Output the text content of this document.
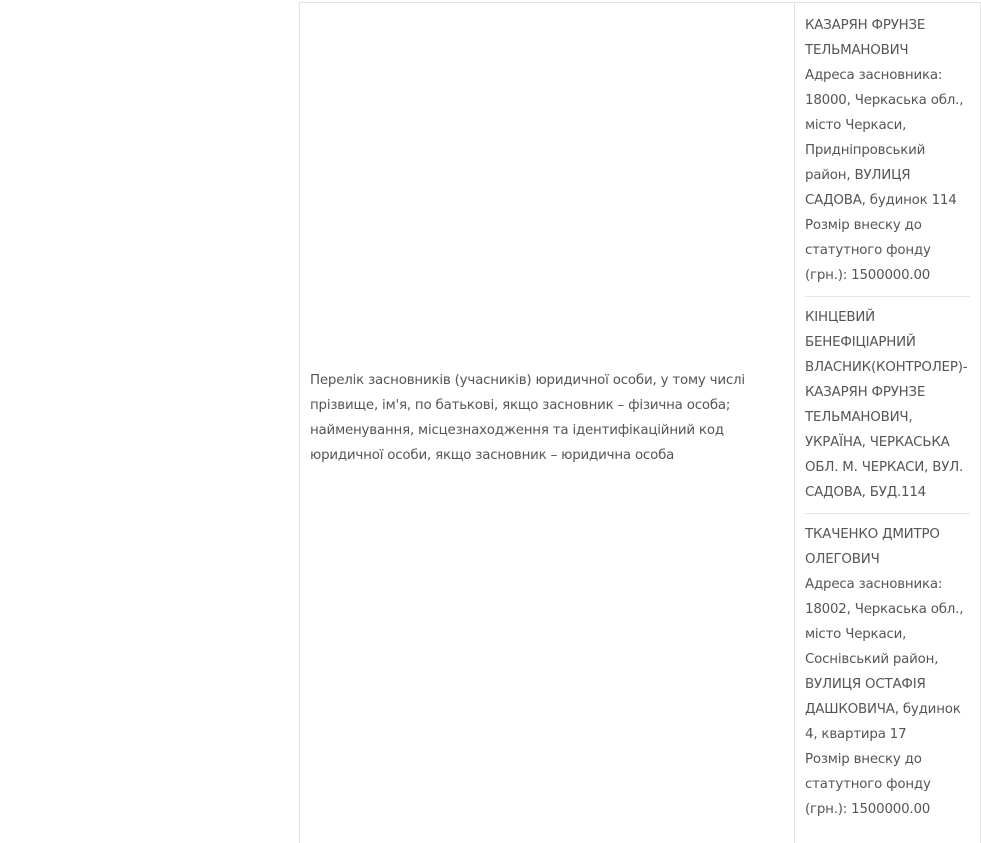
Перелік засновників (учасників) юридичної особи, у тому числі прізвище, ім'я, по батькові, якщо засновник – фізична особа; найменування, місцезнаходження та ідентифікаційний код юридичної особи, якщо засновник – юридична особа
КАЗАРЯН ФРУНЗЕ ТЕЛЬМАНОВИЧ
Адреса засновника: 18000, Черкаська обл., місто Черкаси, Придніпровський район, ВУЛИЦЯ САДОВА, будинок 114
Розмір внеску до статутного фонду (грн.): 1500000.00
КІНЦЕВИЙ БЕНЕФІЦІАРНИЙ ВЛАСНИК(КОНТРОЛЕР)-КАЗАРЯН ФРУНЗЕ ТЕЛЬМАНОВИЧ, УКРАЇНА, ЧЕРКАСЬКА ОБЛ. М. ЧЕРКАСИ, ВУЛ. САДОВА, БУД.114
ТКАЧЕНКО ДМИТРО ОЛЕГОВИЧ
Адреса засновника: 18002, Черкаська обл., місто Черкаси, Соснівський район, ВУЛИЦЯ ОСТАФІЯ ДАШКОВИЧА, будинок 4, квартира 17
Розмір внеску до статутного фонду (грн.): 1500000.00
